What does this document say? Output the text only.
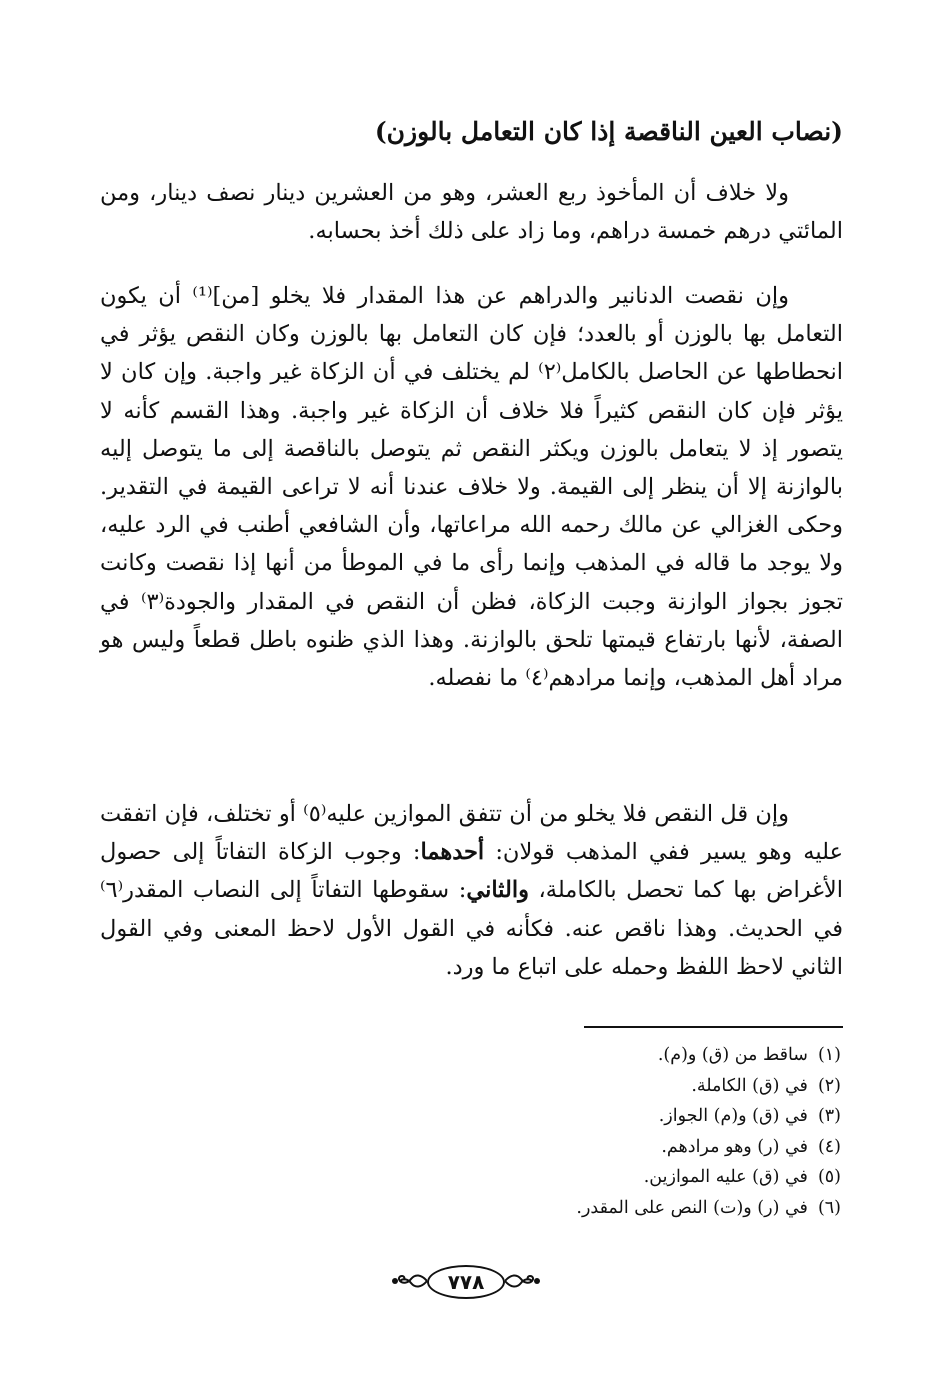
(نصاب العين الناقصة إذا كان التعامل بالوزن)

ولا خلاف أن المأخوذ ربع العشر، وهو من العشرين دينار نصف دينار، ومن المائتي درهم خمسة دراهم، وما زاد على ذلك أخذ بحسابه.

وإن نقصت الدنانير والدراهم عن هذا المقدار فلا يخلو [من]⁽¹⁾ أن يكون التعامل بها بالوزن أو بالعدد؛ فإن كان التعامل بها بالوزن وكان النقص يؤثر في انحطاطها عن الحاصل بالكامل⁽٢⁾ لم يختلف في أن الزكاة غير واجبة. وإن كان لا يؤثر فإن كان النقص كثيراً فلا خلاف أن الزكاة غير واجبة. وهذا القسم كأنه لا يتصور إذ لا يتعامل بالوزن ويكثر النقص ثم يتوصل بالناقصة إلى ما يتوصل إليه بالوازنة إلا أن ينظر إلى القيمة. ولا خلاف عندنا أنه لا تراعى القيمة في التقدير. وحكى الغزالي عن مالك رحمه الله مراعاتها، وأن الشافعي أطنب في الرد عليه، ولا يوجد ما قاله في المذهب وإنما رأى ما في الموطأ من أنها إذا نقصت وكانت تجوز بجواز الوازنة وجبت الزكاة، فظن أن النقص في المقدار والجودة⁽٣⁾ في الصفة، لأنها بارتفاع قيمتها تلحق بالوازنة. وهذا الذي ظنوه باطل قطعاً وليس هو مراد أهل المذهب، وإنما مرادهم⁽٤⁾ ما نفصله.

وإن قل النقص فلا يخلو من أن تتفق الموازين عليه⁽٥⁾ أو تختلف، فإن اتفقت عليه وهو يسير ففي المذهب قولان: أحدهما: وجوب الزكاة التفاتاً إلى حصول الأغراض بها كما تحصل بالكاملة، والثاني: سقوطها التفاتاً إلى النصاب المقدر⁽٦⁾ في الحديث. وهذا ناقص عنه. فكأنه في القول الأول لاحظ المعنى وفي القول الثاني لاحظ اللفظ وحمله على اتباع ما ورد.

(١)
ساقط من (ق) و(م).
(٢)
في (ق) الكاملة.
(٣)
في (ق) و(م) الجواز.
(٤)
في (ر) وهو مرادهم.
(٥)
في (ق) عليه الموازين.
(٦)
في (ر) و(ت) النص على المقدر.
٧٧٨
